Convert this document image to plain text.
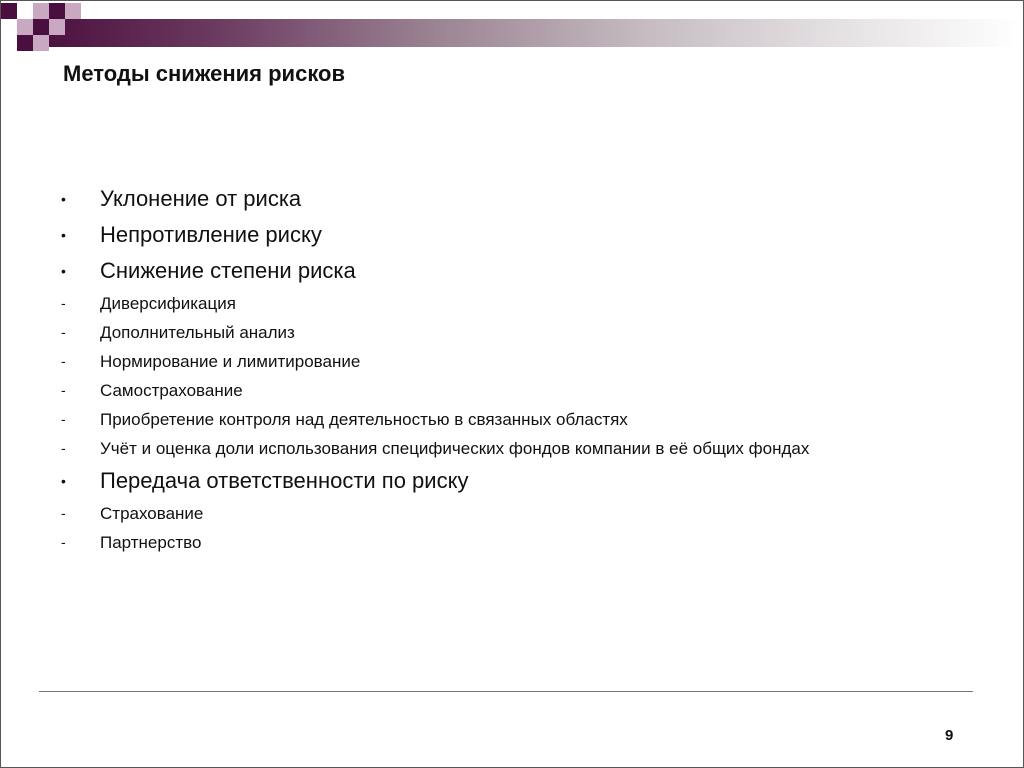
Методы снижения рисков
• Уклонение от риска
• Непротивление риску
• Снижение степени риска
- Диверсификация
- Дополнительный анализ
- Нормирование и лимитирование
- Самострахование
- Приобретение контроля над деятельностью в связанных областях
- Учёт и оценка доли использования специфических фондов компании в её общих фондах
• Передача ответственности по риску
- Страхование
- Партнерство
9
